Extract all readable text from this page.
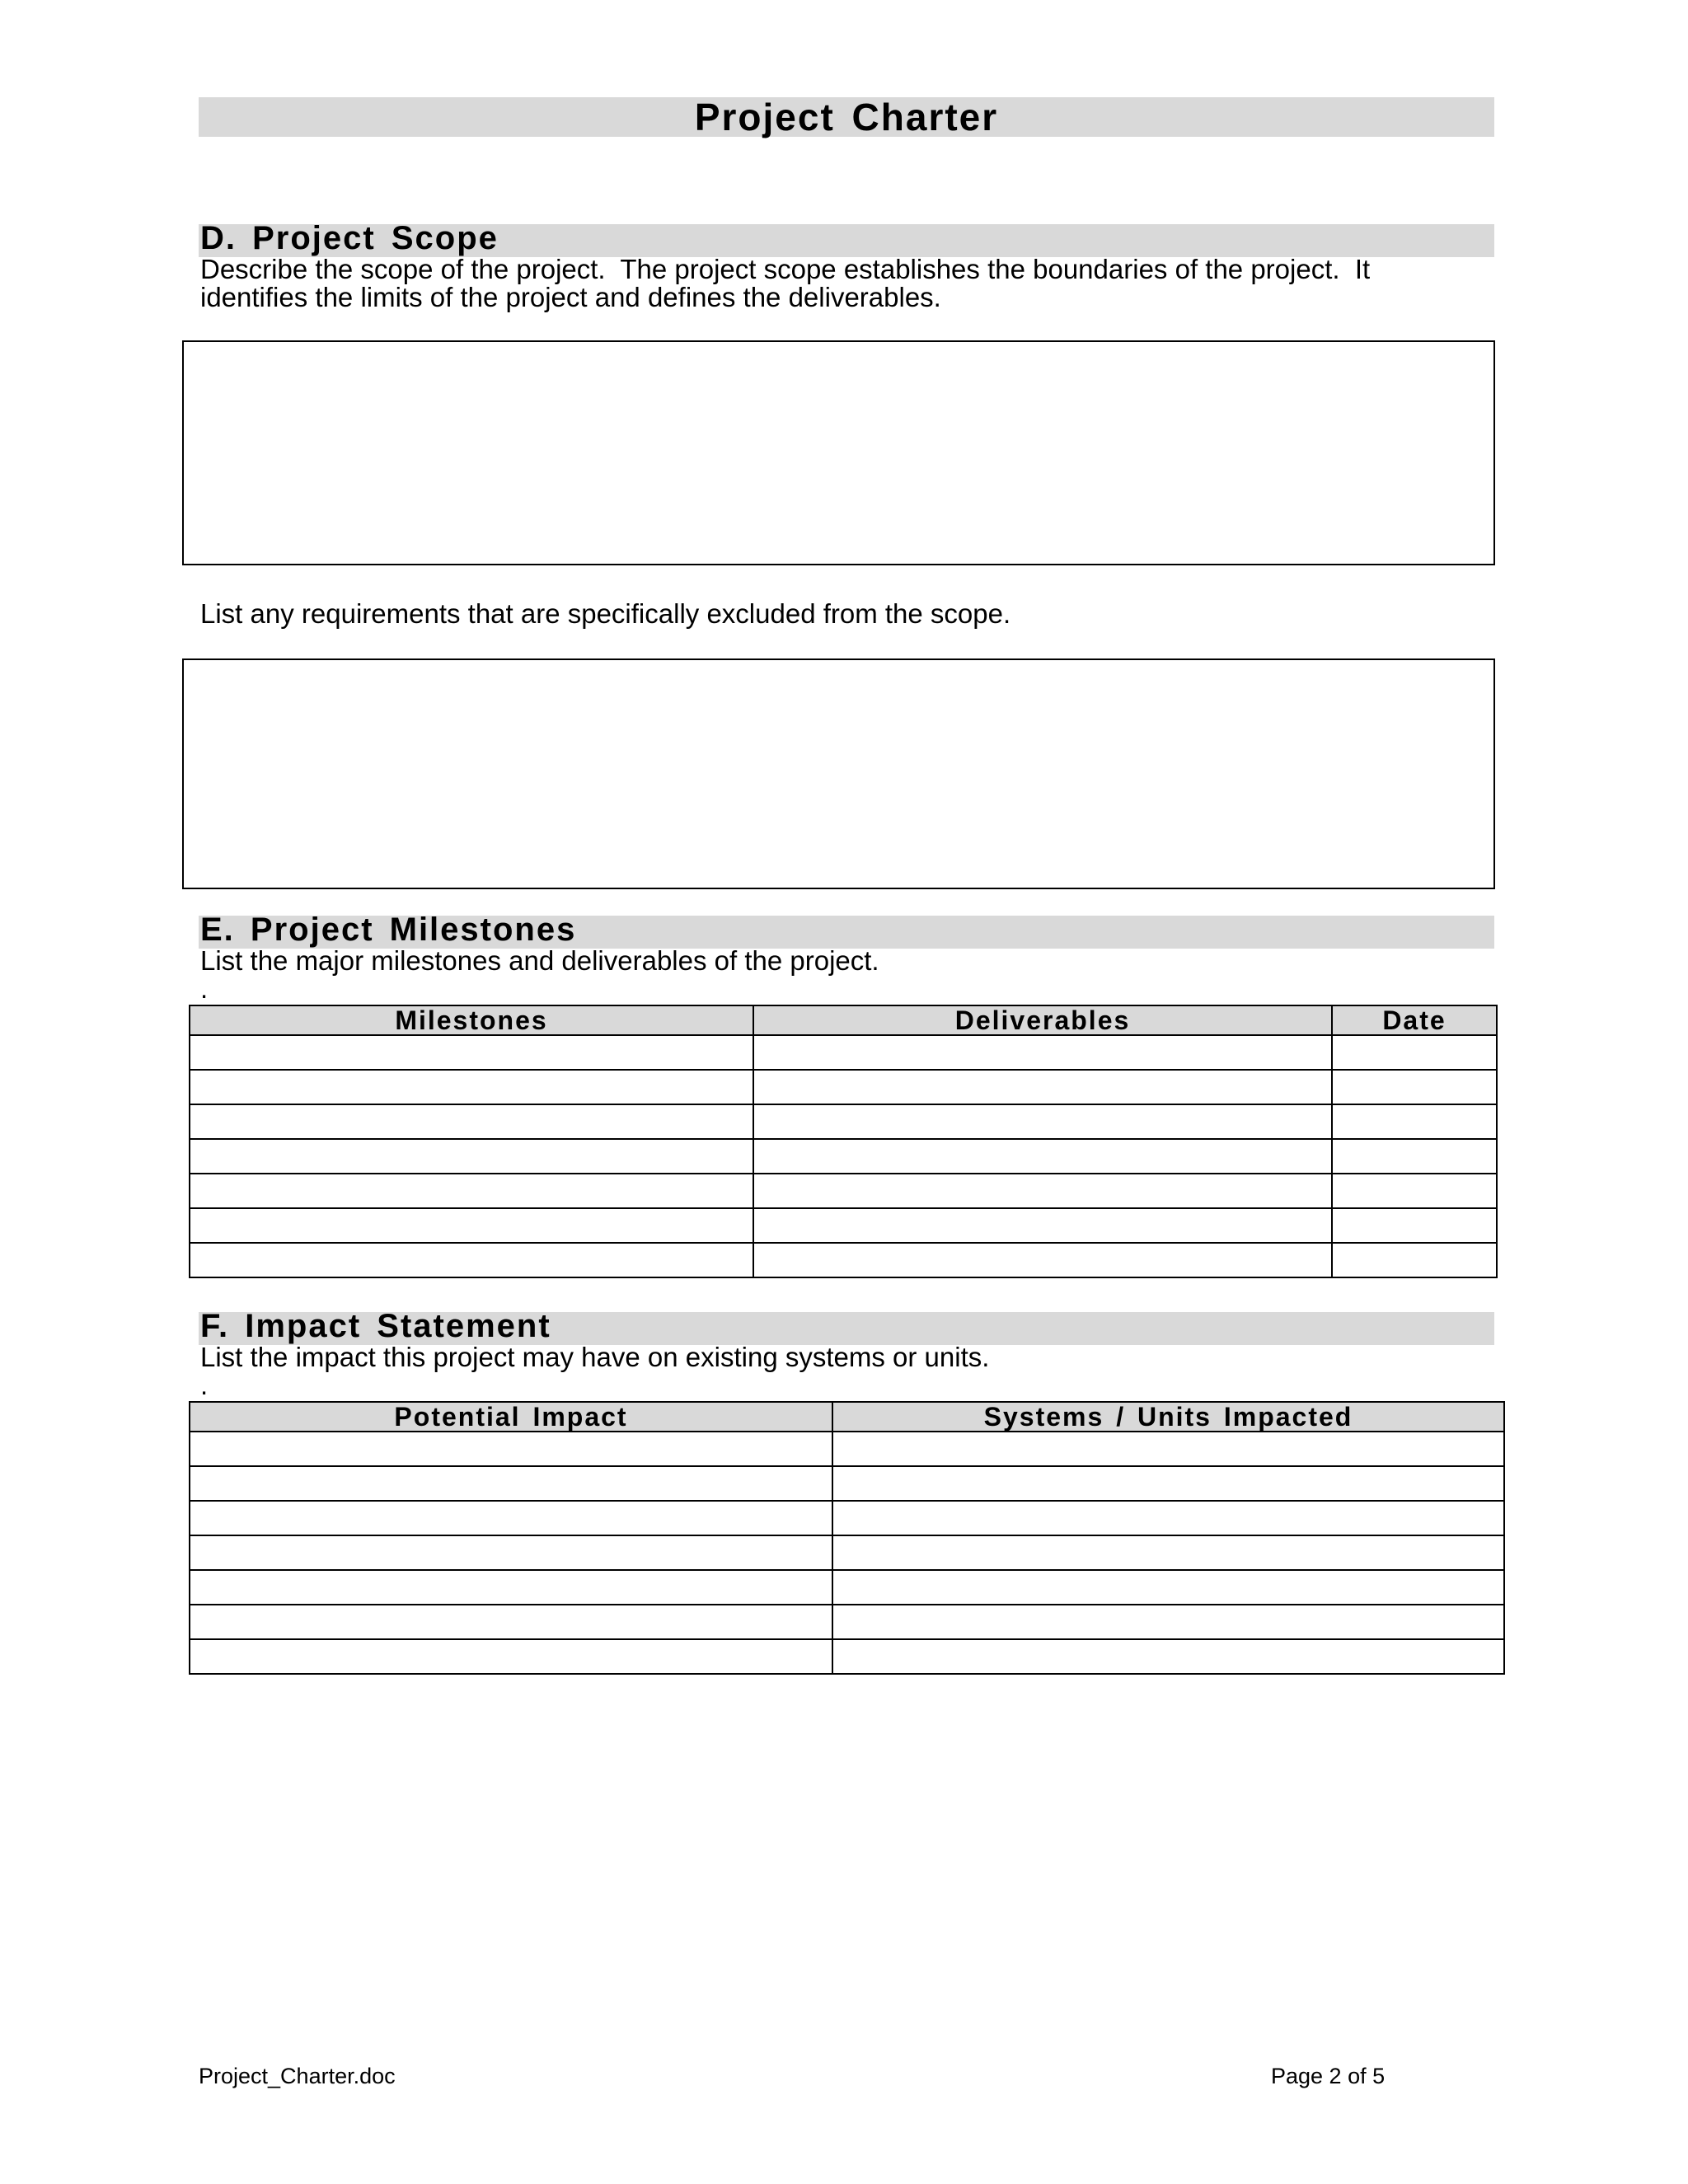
Project Charter
D. Project Scope
Describe the scope of the project.  The project scope establishes the boundaries of the project.  It
identifies the limits of the project and defines the deliverables.
List any requirements that are specifically excluded from the scope.
E. Project Milestones
List the major milestones and deliverables of the project.
.
Milestones	Deliverables	Date

F. Impact Statement
List the impact this project may have on existing systems or units.
.
Potential Impact	Systems / Units Impacted

Project_Charter.doc	Page 2 of 5
